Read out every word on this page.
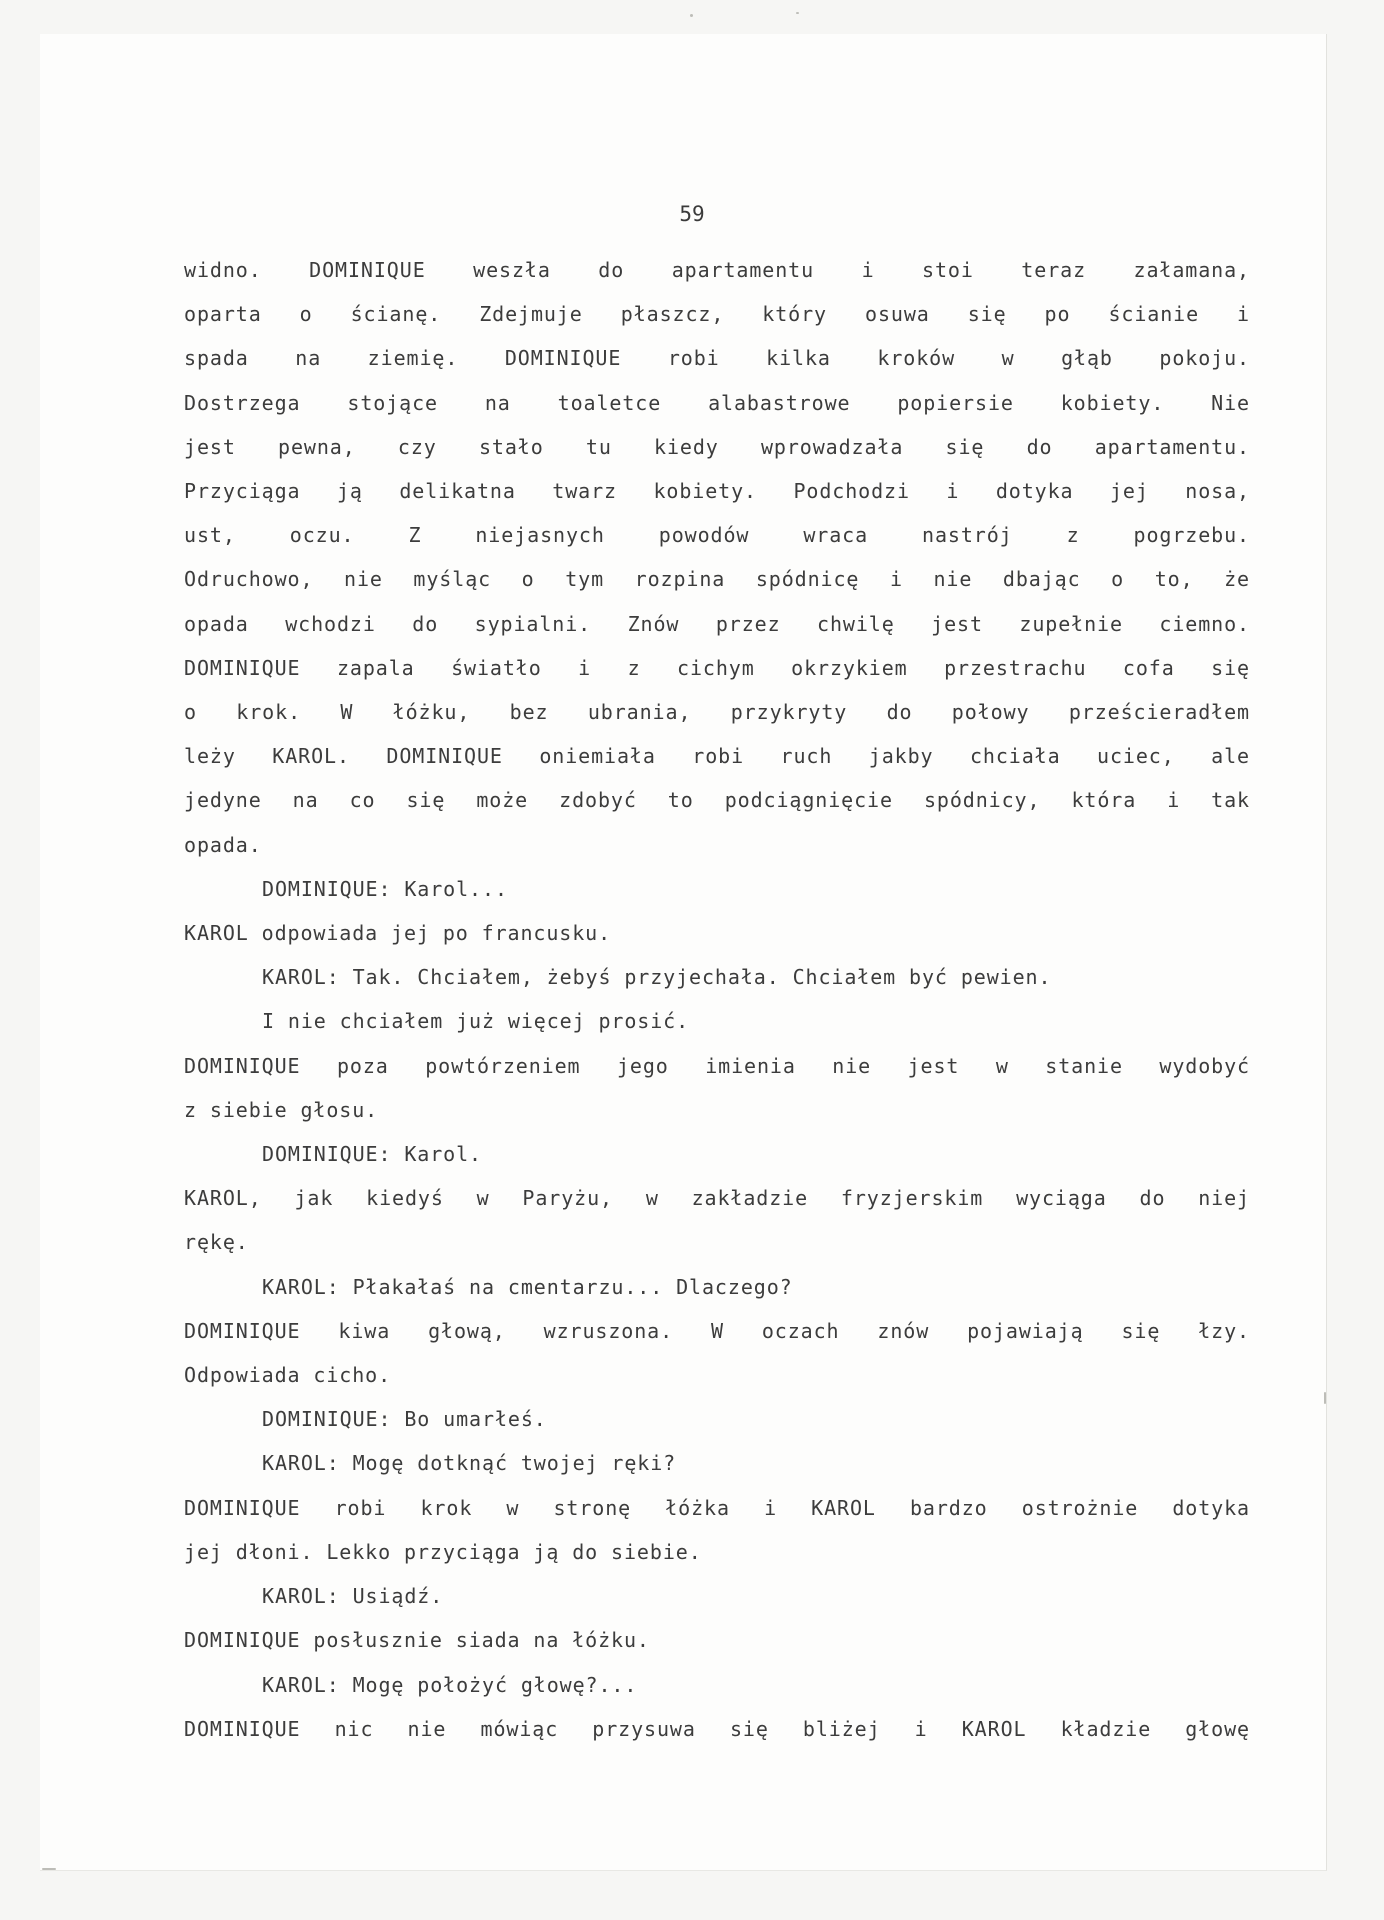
59
widno. DOMINIQUE weszła do apartamentu i stoi teraz załamana,
oparta o ścianę. Zdejmuje płaszcz, który osuwa się po ścianie i
spada na ziemię. DOMINIQUE robi kilka kroków w głąb pokoju.
Dostrzega stojące na toaletce alabastrowe popiersie kobiety. Nie
jest pewna, czy stało tu kiedy wprowadzała się do apartamentu.
Przyciąga ją delikatna twarz kobiety. Podchodzi i dotyka jej nosa,
ust, oczu. Z niejasnych powodów wraca nastrój z pogrzebu.
Odruchowo, nie myśląc o tym rozpina spódnicę i nie dbając o to, że
opada wchodzi do sypialni. Znów przez chwilę jest zupełnie ciemno.
DOMINIQUE zapala światło i z cichym okrzykiem przestrachu cofa się
o krok. W łóżku, bez ubrania, przykryty do połowy prześcieradłem
leży KAROL. DOMINIQUE oniemiała robi ruch jakby chciała uciec, ale
jedyne na co się może zdobyć to podciągnięcie spódnicy, która i tak
opada.
DOMINIQUE: Karol...
KAROL odpowiada jej po francusku.
KAROL: Tak. Chciałem, żebyś przyjechała. Chciałem być pewien.
I nie chciałem już więcej prosić.
DOMINIQUE poza powtórzeniem jego imienia nie jest w stanie wydobyć
z siebie głosu.
DOMINIQUE: Karol.
KAROL, jak kiedyś w Paryżu, w zakładzie fryzjerskim wyciąga do niej
rękę.
KAROL: Płakałaś na cmentarzu... Dlaczego?
DOMINIQUE kiwa głową, wzruszona. W oczach znów pojawiają się łzy.
Odpowiada cicho.
DOMINIQUE: Bo umarłeś.
KAROL: Mogę dotknąć twojej ręki?
DOMINIQUE robi krok w stronę łóżka i KAROL bardzo ostrożnie dotyka
jej dłoni. Lekko przyciąga ją do siebie.
KAROL: Usiądź.
DOMINIQUE posłusznie siada na łóżku.
KAROL: Mogę położyć głowę?...
DOMINIQUE nic nie mówiąc przysuwa się bliżej i KAROL kładzie głowę
